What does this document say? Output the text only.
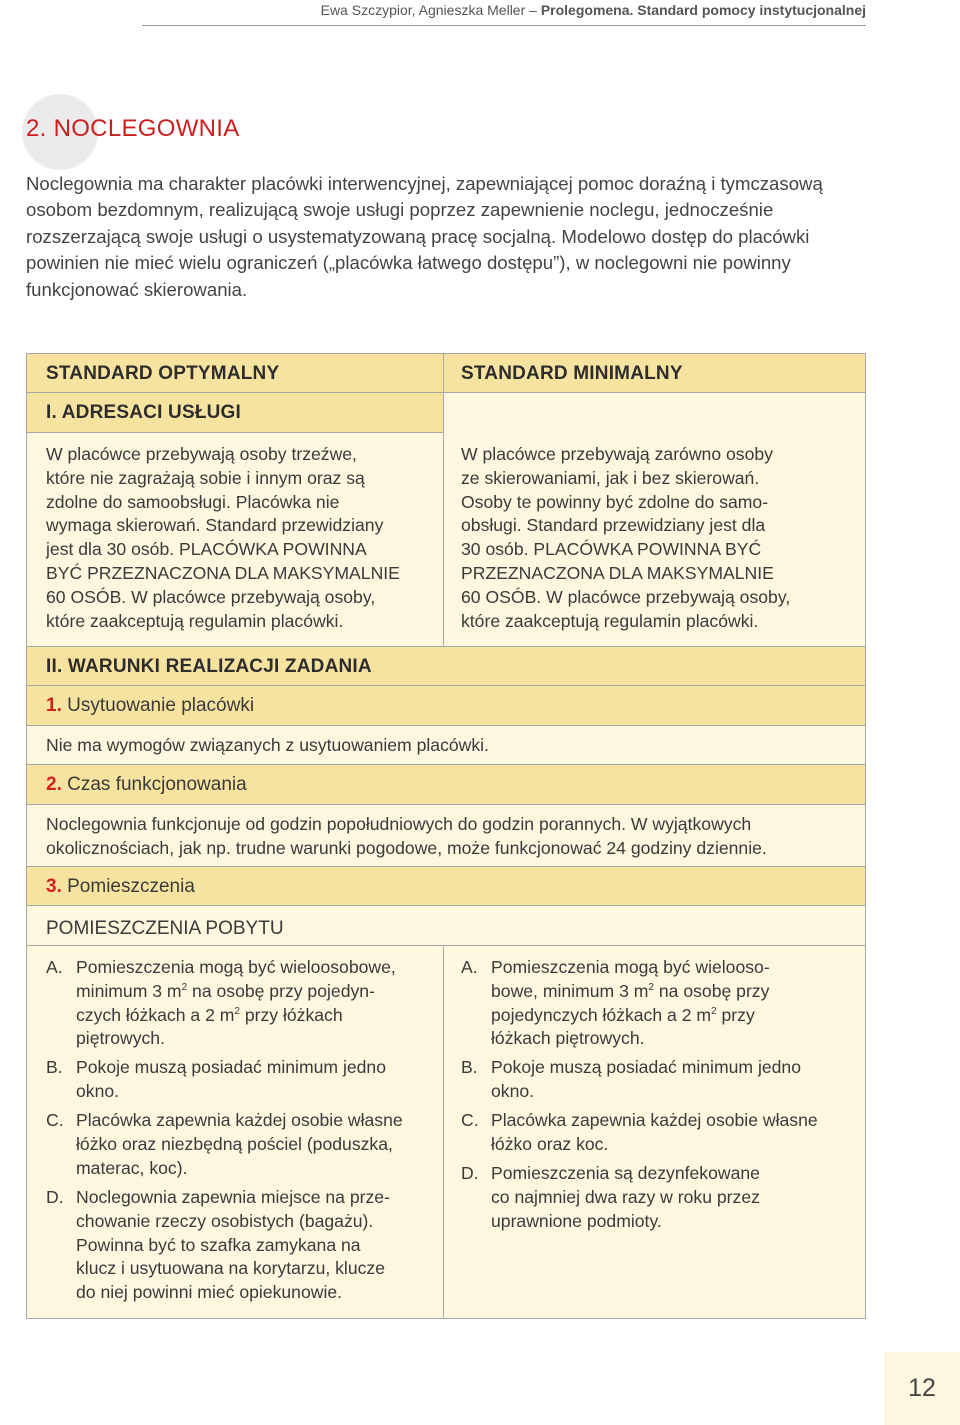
Ewa Szczypior, Agnieszka Meller – Prolegomena. Standard pomocy instytucjonalnej
2. NOCLEGOWNIA

Noclegownia ma charakter placówki interwencyjnej, zapewniającej pomoc doraźną i tymczasową osobom bezdomnym, realizującą swoje usługi poprzez zapewnienie noclegu, jednocześnie rozszerzającą swoje usługi o usystematyzowaną pracę socjalną. Modelowo dostęp do placówki powinien nie mieć wielu ograniczeń („placówka łatwego dostępu”), w noclegowni nie powinny funkcjonować skierowania.

STANDARD OPTYMALNY	STANDARD MINIMALNY
I. ADRESACI USŁUGI
W placówce przebywają osoby trzeźwe,
które nie zagrażają sobie i innym oraz są
zdolne do samoobsługi. Placówka nie
wymaga skierowań. Standard przewidziany
jest dla 30 osób. PLACÓWKA POWINNA
BYĆ PRZEZNACZONA DLA MAKSYMALNIE
60 OSÓB. W placówce przebywają osoby,
które zaakceptują regulamin placówki.
W placówce przebywają zarówno osoby
ze skierowaniami, jak i bez skierowań.
Osoby te powinny być zdolne do samo-
obsługi. Standard przewidziany jest dla
30 osób. PLACÓWKA POWINNA BYĆ
PRZEZNACZONA DLA MAKSYMALNIE
60 OSÓB. W placówce przebywają osoby,
które zaakceptują regulamin placówki.
II. WARUNKI REALIZACJI ZADANIA
1. Usytuowanie placówki
Nie ma wymogów związanych z usytuowaniem placówki.
2. Czas funkcjonowania
Noclegownia funkcjonuje od godzin popołudniowych do godzin porannych. W wyjątkowych
okolicznościach, jak np. trudne warunki pogodowe, może funkcjonować 24 godziny dziennie.
3. Pomieszczenia
POMIESZCZENIA POBYTU
A. Pomieszczenia mogą być wieloosobowe,
minimum 3 $m^2$ na osobę przy pojedyn-
czych łóżkach a 2 $m^2$ przy łóżkach
piętrowych.
B. Pokoje muszą posiadać minimum jedno
okno.
C. Placówka zapewnia każdej osobie własne
łóżko oraz niezbędną pościel (poduszka,
materac, koc).
D. Noclegownia zapewnia miejsce na prze-
chowanie rzeczy osobistych (bagażu).
Powinna być to szafka zamykana na
klucz i usytuowana na korytarzu, klucze
do niej powinni mieć opiekunowie.
A. Pomieszczenia mogą być wieloosо-
bowe, minimum 3 $m^2$ na osobę przy
pojedynczych łóżkach a 2 $m^2$ przy
łóżkach piętrowych.
B. Pokoje muszą posiadać minimum jedno
okno.
C. Placówka zapewnia każdej osobie własne
łóżko oraz koc.
D. Pomieszczenia są dezynfekowane
co najmniej dwa razy w roku przez
uprawnione podmioty.
12
